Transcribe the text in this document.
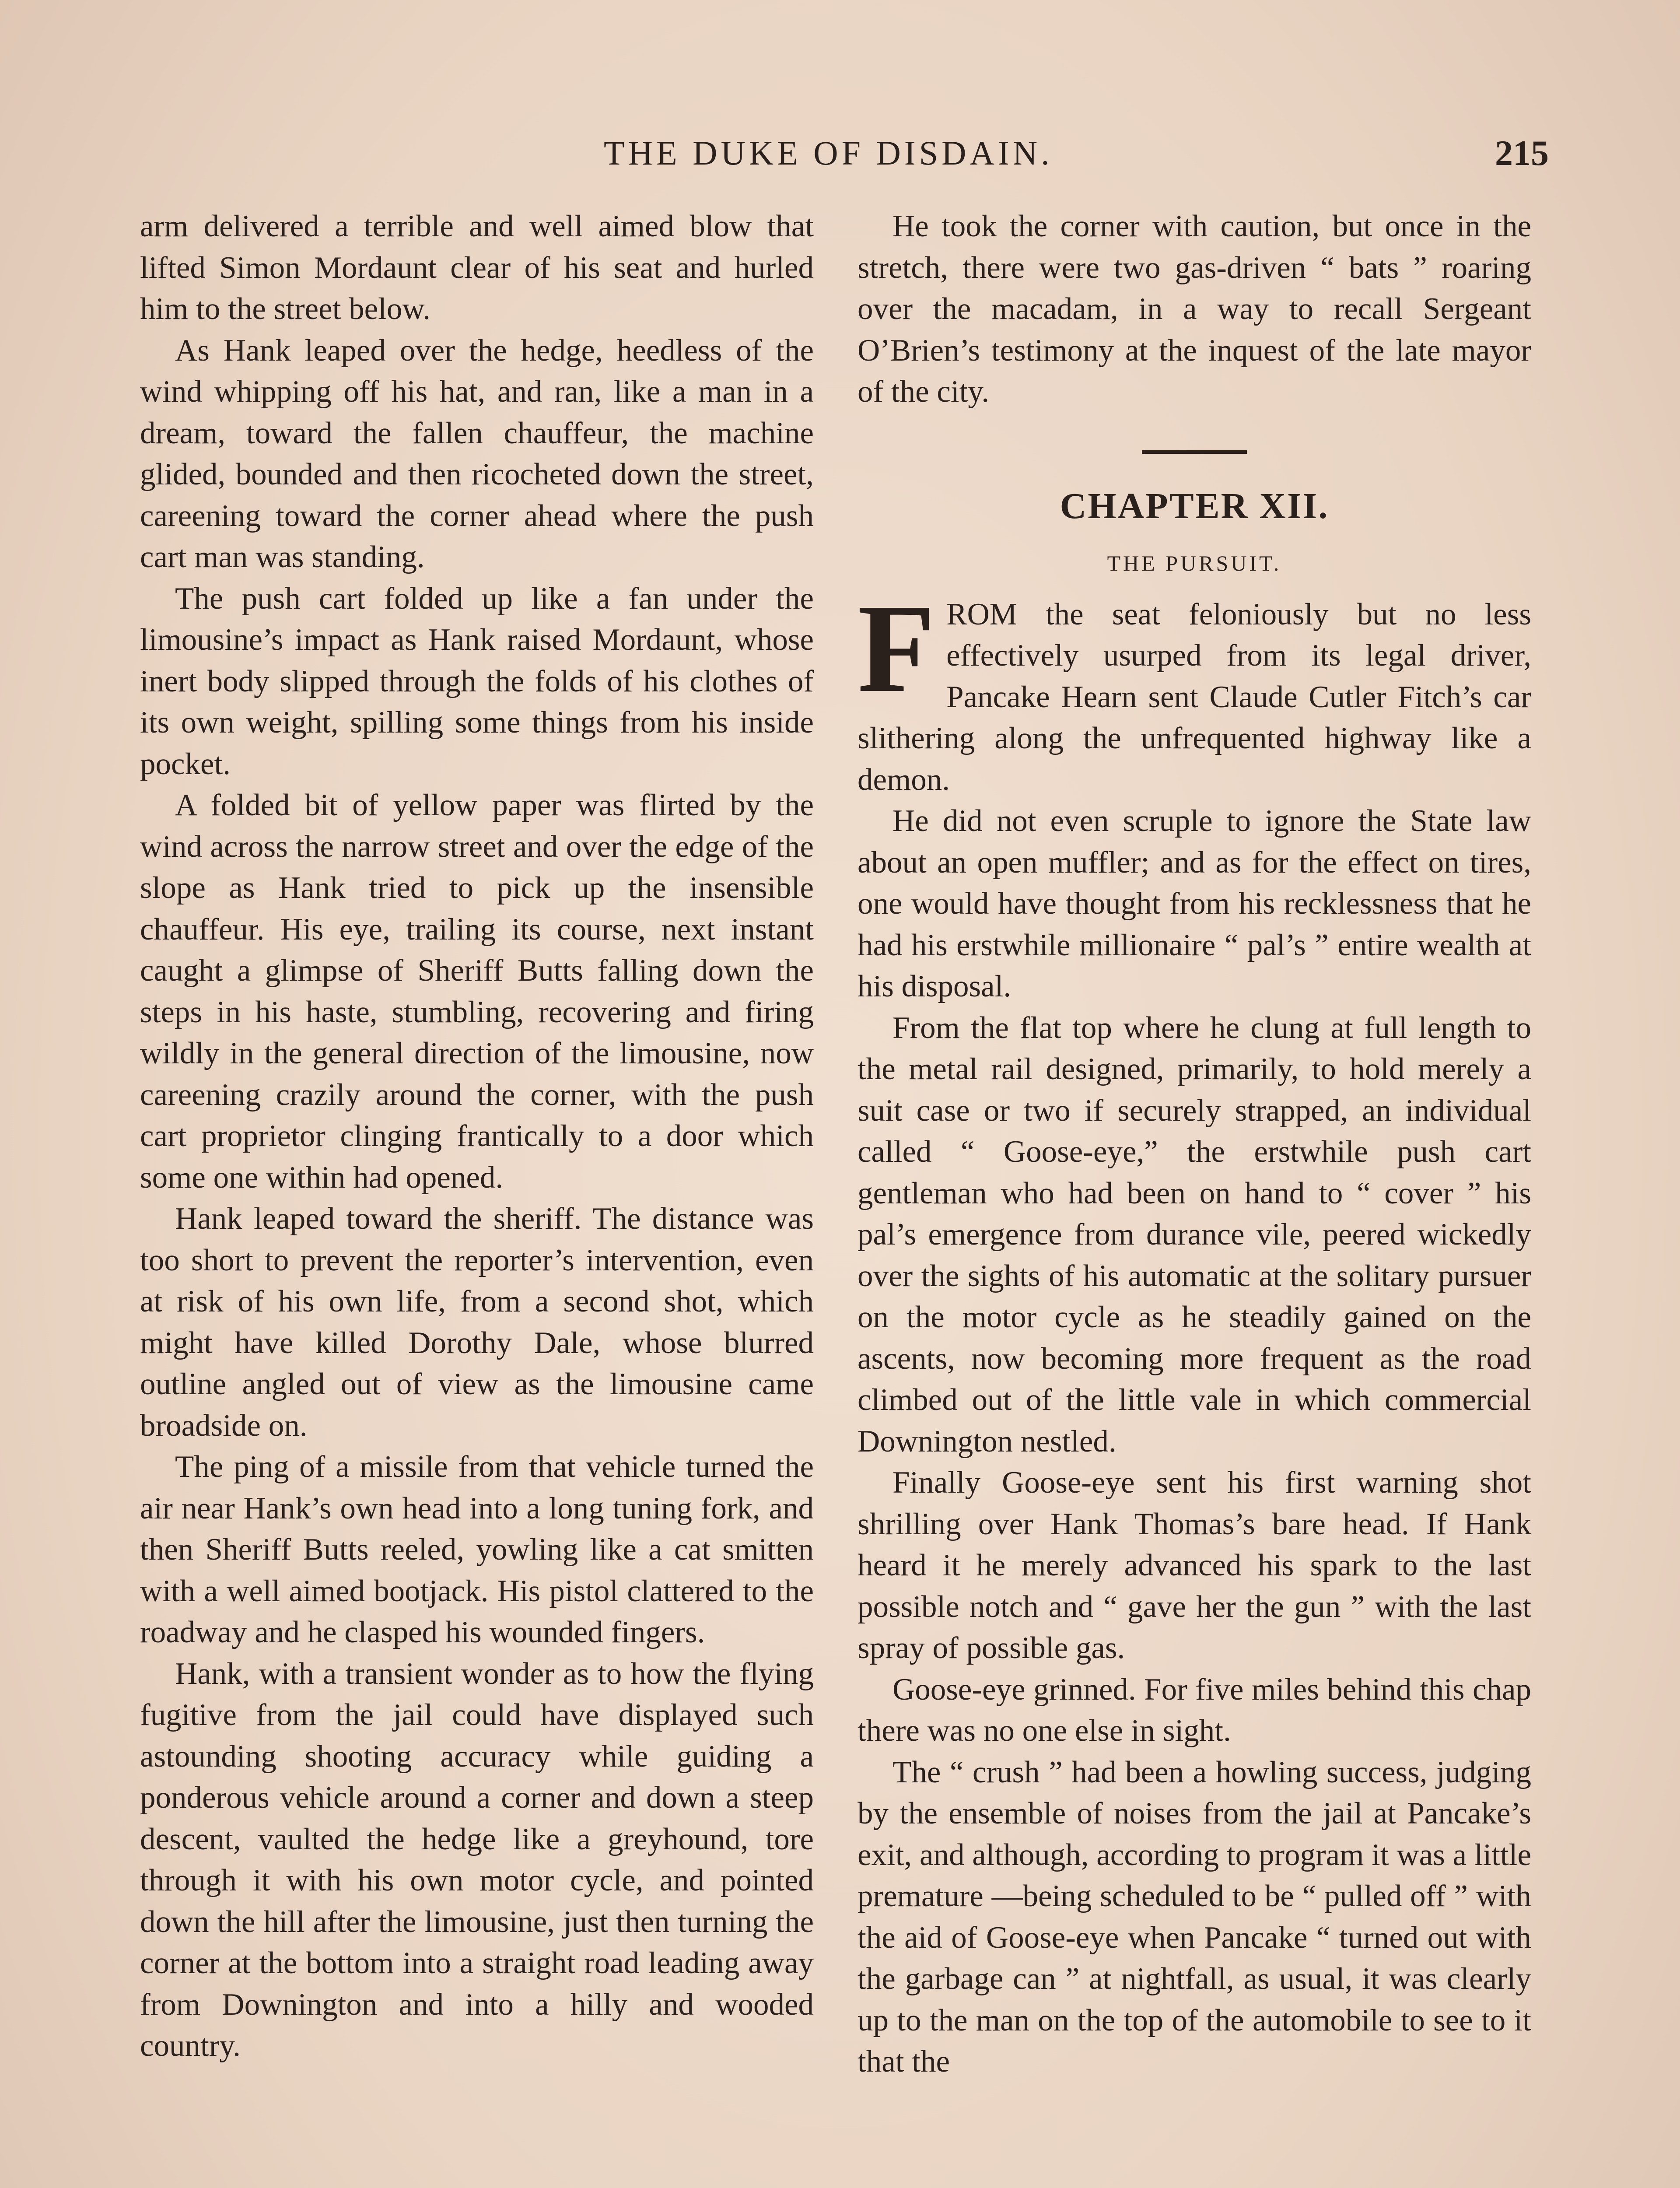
THE DUKE OF DISDAIN.	215

arm delivered a terrible and well aimed blow that lifted Simon Mordaunt clear of his seat and hurled him to the street below.

As Hank leaped over the hedge, heedless of the wind whipping off his hat, and ran, like a man in a dream, toward the fallen chauffeur, the machine glided, bounded and then ricocheted down the street, careening toward the corner ahead where the push cart man was standing.

The push cart folded up like a fan under the limousine’s impact as Hank raised Mordaunt, whose inert body slipped through the folds of his clothes of its own weight, spilling some things from his inside pocket.

A folded bit of yellow paper was flirted by the wind across the narrow street and over the edge of the slope as Hank tried to pick up the insensible chauffeur. His eye, trailing its course, next instant caught a glimpse of Sheriff Butts falling down the steps in his haste, stumbling, recovering and firing wildly in the general direction of the limousine, now careening crazily around the corner, with the push cart proprietor clinging frantically to a door which some one within had opened.

Hank leaped toward the sheriff. The distance was too short to prevent the reporter’s intervention, even at risk of his own life, from a second shot, which might have killed Dorothy Dale, whose blurred outline angled out of view as the limousine came broadside on.

The ping of a missile from that vehicle turned the air near Hank’s own head into a long tuning fork, and then Sheriff Butts reeled, yowling like a cat smitten with a well aimed bootjack. His pistol clattered to the roadway and he clasped his wounded fingers.

Hank, with a transient wonder as to how the flying fugitive from the jail could have displayed such astounding shooting accuracy while guiding a ponderous vehicle around a corner and down a steep descent, vaulted the hedge like a greyhound, tore through it with his own motor cycle, and pointed down the hill after the limousine, just then turning the corner at the bottom into a straight road leading away from Downington and into a hilly and wooded country.

He took the corner with caution, but once in the stretch, there were two gas-driven “ bats ” roaring over the macadam, in a way to recall Sergeant O’Brien’s testimony at the inquest of the late mayor of the city.

CHAPTER XII.
THE PURSUIT.

FROM the seat feloniously but no less effectively usurped from its legal driver, Pancake Hearn sent Claude Cutler Fitch’s car slithering along the unfrequented highway like a demon.

He did not even scruple to ignore the State law about an open muffler; and as for the effect on tires, one would have thought from his recklessness that he had his erstwhile millionaire “ pal’s ” entire wealth at his disposal.

From the flat top where he clung at full length to the metal rail designed, primarily, to hold merely a suit case or two if securely strapped, an individual called “ Goose-eye,” the erstwhile push cart gentleman who had been on hand to “ cover ” his pal’s emergence from durance vile, peered wickedly over the sights of his automatic at the solitary pursuer on the motor cycle as he steadily gained on the ascents, now becoming more frequent as the road climbed out of the little vale in which commercial Downington nestled.

Finally Goose-eye sent his first warning shot shrilling over Hank Thomas’s bare head. If Hank heard it he merely advanced his spark to the last possible notch and “ gave her the gun ” with the last spray of possible gas.

Goose-eye grinned. For five miles behind this chap there was no one else in sight.

The “ crush ” had been a howling success, judging by the ensemble of noises from the jail at Pancake’s exit, and although, according to program it was a little premature —being scheduled to be “ pulled off ” with the aid of Goose-eye when Pancake “ turned out with the garbage can ” at nightfall, as usual, it was clearly up to the man on the top of the automobile to see to it that the
